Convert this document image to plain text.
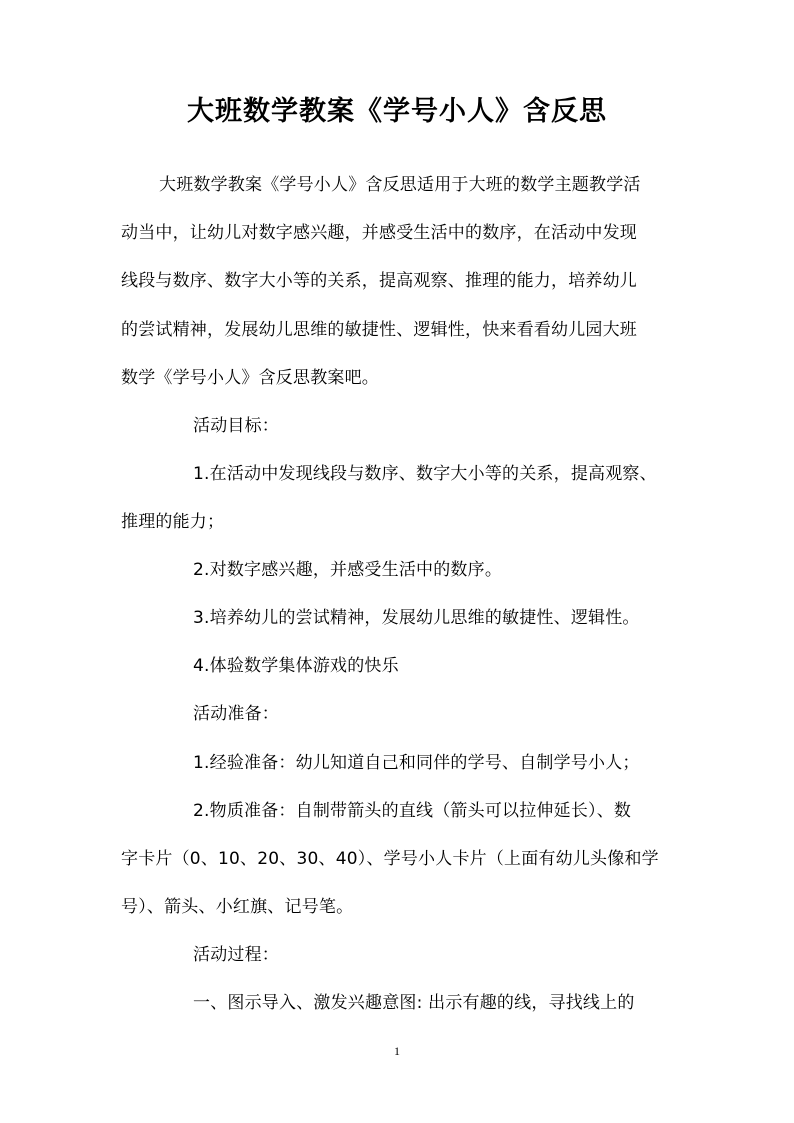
大班数学教案《学号小人》含反思
大班数学教案《学号小人》含反思适用于大班的数学主题教学活
动当中，让幼儿对数字感兴趣，并感受生活中的数序，在活动中发现
线段与数序、数字大小等的关系，提高观察、推理的能力，培养幼儿
的尝试精神，发展幼儿思维的敏捷性、逻辑性，快来看看幼儿园大班
数学《学号小人》含反思教案吧。
活动目标：
1.在活动中发现线段与数序、数字大小等的关系，提高观察、
推理的能力；
2.对数字感兴趣，并感受生活中的数序。
3.培养幼儿的尝试精神，发展幼儿思维的敏捷性、逻辑性。
4.体验数学集体游戏的快乐
活动准备：
1.经验准备：幼儿知道自己和同伴的学号、自制学号小人；
2.物质准备：自制带箭头的直线（箭头可以拉伸延长）、数
字卡片（0、10、20、30、40）、学号小人卡片（上面有幼儿头像和学
号）、箭头、小红旗、记号笔。
活动过程：
一、图示导入、激发兴趣意图: 出示有趣的线，寻找线上的
1
